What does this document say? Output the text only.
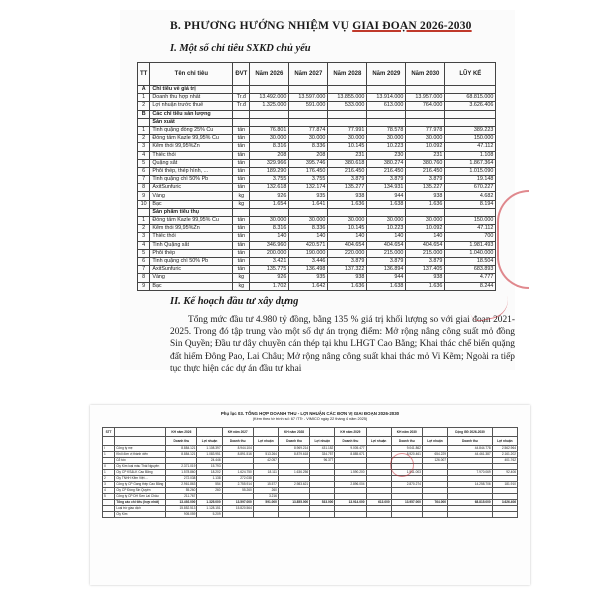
B. PHƯƠNG HƯỚNG NHIỆM VỤ GIAI ĐOẠN 2026-2030
I. Một số chỉ tiêu SXKD chủ yếu
TT	Tên chỉ tiêu	ĐVT	Năm 2026	Năm 2027	Năm 2028	Năm 2029	Năm 2030	LŨY KẾ
A	Chỉ tiêu về giá trị							
1	Doanh thu hợp nhất	Tr.đ	13.492.000	13.597.000	13.855.000	13.914.000	13.957.000	68.815.000
2	Lợi nhuận trước thuế	Tr.đ	1.325.000	591.000	533.000	613.000	764.000	3.626.406
B	Các chỉ tiêu sản lượng							
	Sản xuất							
1	Tinh quặng đồng 25% Cu	tấn	76.801	77.874	77.991	78.578	77.978	389.223
2	Đồng tấm Kazle 99,95% Cu	tấn	30.000	30.000	30.000	30.000	30.000	150.000
3	Kẽm thỏi 99,95%Zn	tấn	8.316	8.336	10.145	10.223	10.092	47.112
4	Thiếc thỏi	tấn	208	208	231	230	231	1.108
5	Quặng sắt	tấn	329.966	395.746	380.618	380.274	380.760	1.867.364
6	Phôi thép, thép hình, ...	tấn	189.290	176.450	216.450	216.450	216.450	1.015.090
7	Tinh quặng chì 50% Pb	tấn	3.755	3.755	3.879	3.879	3.879	19.148
8	AxitSunfuric	tấn	132.618	132.174	135.277	134.931	135.227	670.227
9	Vàng	kg	926	935	938	944	938	4.682
10	Bạc	kg	1.654	1.641	1.636	1.638	1.636	8.194
	Sản phẩm tiêu thụ							
1	Đồng tấm Kazle 99,95% Cu	tấn	30.000	30.000	30.000	30.000	30.000	150.000
2	Kẽm thỏi 99,95%Zn	tấn	8.316	8.336	10.145	10.223	10.092	47.112
3	Thiếc thỏi	tấn	140	140	140	140	140	700
4	Tinh Quặng sắt	tấn	346.960	420.571	404.654	404.654	404.654	1.981.493
5	Phôi thép	tấn	200.000	190.000	220.000	215.000	215.000	1.040.000
6	Tinh quặng chì 50% Pb	tấn	3.421	3.446	3.879	3.879	3.879	18.504
7	AxitSunfuric	tấn	135.775	136.498	137.322	136.894	137.405	683.893
8	Vàng	kg	926	935	938	944	938	4.777
9	Bạc	kg	1.702	1.642	1.636	1.638	1.636	8.244
II. Kế hoạch đầu tư xây dựng
Tổng mức đầu tư 4.980 tỷ đồng, bằng 135 % giá trị khối lượng so với giai đoạn 2021-2025. Trong đó tập trung vào một số dự án trọng điểm: Mở rộng nâng công suất mỏ đồng Sin Quyền; Đầu tư dây chuyền cán thép tại khu LHGT Cao Bằng; Khai thác chế biến quặng đất hiếm Đông Pao, Lai Châu; Mở rộng nâng công suất khai thác mỏ Vi Kẽm; Ngoài ra tiếp tục thực hiện các dự án đầu tư khai
Phụ lục 03. TỔNG HỢP DOANH THU - LỢI NHUẬN CÁC ĐƠN VỊ GIAI ĐOẠN 2026-2030
(Kèm theo tờ trình số: 67 /TTr - VIMICO ngày 22 tháng 4 năm 2025)
STT		KH năm 2026		KH năm 2027		KH năm 2028		KH năm 2029		KH năm 2030		Cộng GĐ 2026-2030	
		Doanh thu	Lợi nhuận	Doanh thu	Lợi nhuận	Doanh thu	Lợi nhuận	Doanh thu	Lợi nhuận	Doanh thu	Lợi nhuận	Doanh thu	Lợi nhuận
I	Công ty mẹ	8.884.121	1.108.397	8.944.104		8.969.214	431.182	9.005.477		9.041.862		44.844.778	2.562.964
1	Khối đơn vị thành viên	8.884.121	1.083.951	8.891.516	513.264	8.879.618	334.757	8.885.671		8.920.461	654.229	44.461.387	2.161.202
	Cổ tức		24.446		42.057		96.377				126.007		401.762
II	Cty Kim loại màu Thái Nguyên	2.371.019	15.793										
1	Cty CP KS&LK Cao Bằng	1.578.860	18.202	1.624.750	18.111	1.636.256		1.590.200		1.541.003		7.970.069	92.406
2	Cty TNHH Kẽm Việt ...	272.038	1.138	272.038									
3	Công ty CP Gang thép Cao Bằng	2.961.863	554	2.755.914	15.577	2.983.621		2.896.004		2.870.274		14.258.706	181.910
4	Cty CP Đồng Sin Quyền	55.260	260	55.260	260								
5	Công ty CP DH Sơn Lai Châu	211.767			3.216								
	Tổng các chỉ tiêu (hợp nhất)	13.492.000	1.325.000	13.597.000	591.000	13.855.000	533.000	13.914.000	613.000	13.957.000	764.000	68.815.000	3.626.406
	Loại trừ giao dịch	15.852.513	1.128.151	15.820.564									
	Cty Kim	905.059	5.209										
